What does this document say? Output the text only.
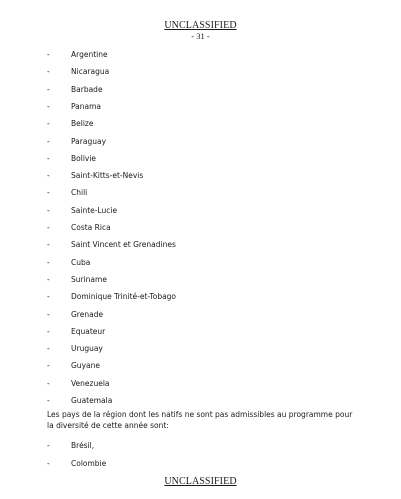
UNCLASSIFIED
- 31 -
-	Argentine
-	Nicaragua
-	Barbade
-	Panama
-	Belize
-	Paraguay
-	Bolivie
-	Saint-Kitts-et-Nevis
-	Chili
-	Sainte-Lucie
-	Costa Rica
-	Saint Vincent et Grenadines
-	Cuba
-	Suriname
-	Dominique Trinité-et-Tobago
-	Grenade
-	Equateur
-	Uruguay
-	Guyane
-	Venezuela
-	Guatemala

Les pays de la région dont les natifs ne sont pas admissibles au programme pour la diversité de cette année sont:

-	Brésil,
-	Colombie
UNCLASSIFIED
